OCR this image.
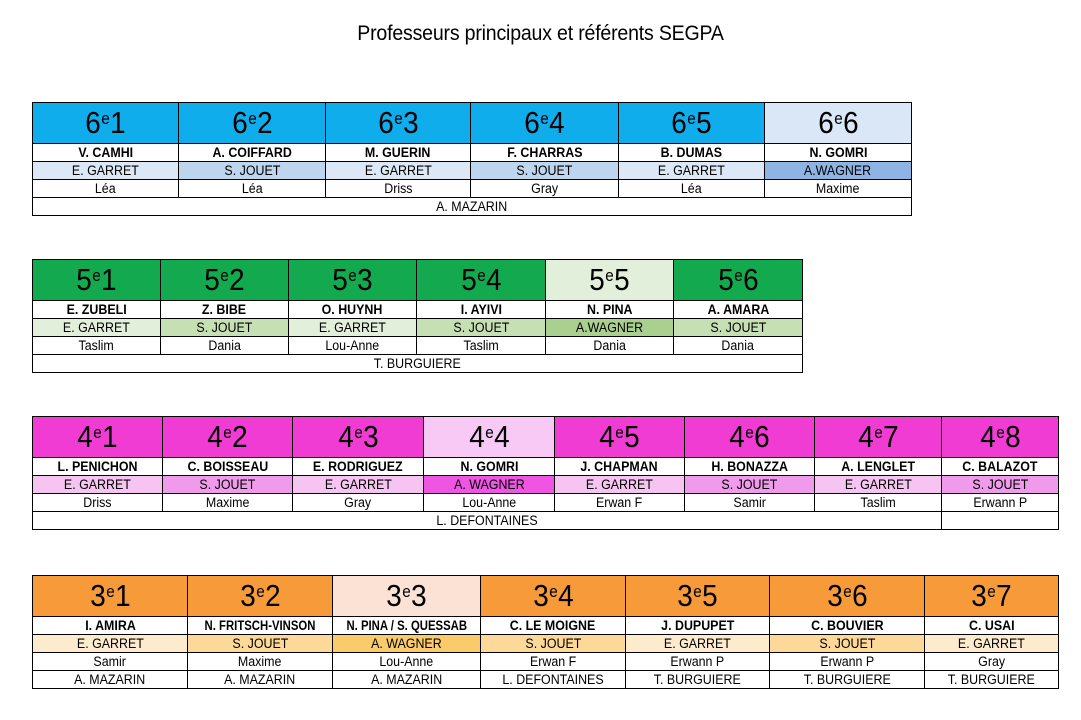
Professeurs principaux et référents SEGPA
6e1	6e2	6e3	6e4	6e5	6e6
V. CAMHI	A. COIFFARD	M. GUERIN	F. CHARRAS	B. DUMAS	N. GOMRI
E. GARRET	S. JOUET	E. GARRET	S. JOUET	E. GARRET	A.WAGNER
Léa	Léa	Driss	Gray	Léa	Maxime
A. MAZARIN					
5e1	5e2	5e3	5e4	5e5	5e6
E. ZUBELI	Z. BIBE	O. HUYNH	I. AYIVI	N. PINA	A. AMARA
E. GARRET	S. JOUET	E. GARRET	S. JOUET	A.WAGNER	S. JOUET
Taslim	Dania	Lou-Anne	Taslim	Dania	Dania
T. BURGUIERE					
4e1	4e2	4e3	4e4	4e5	4e6	4e7	4e8
L. PENICHON	C. BOISSEAU	E. RODRIGUEZ	N. GOMRI	J. CHAPMAN	H. BONAZZA	A. LENGLET	C. BALAZOT
E. GARRET	S. JOUET	E. GARRET	A. WAGNER	E. GARRET	S. JOUET	E. GARRET	S. JOUET
Driss	Maxime	Gray	Lou-Anne	Erwan F	Samir	Taslim	Erwann P
L. DEFONTAINES							
3e1	3e2	3e3	3e4	3e5	3e6	3e7
I. AMIRA	N. FRITSCH-VINSON	N. PINA / S. QUESSAB	C. LE MOIGNE	J. DUPUPET	C. BOUVIER	C. USAI
E. GARRET	S. JOUET	A. WAGNER	S. JOUET	E. GARRET	S. JOUET	E. GARRET
Samir	Maxime	Lou-Anne	Erwan F	Erwann P	Erwann P	Gray
A. MAZARIN	A. MAZARIN	A. MAZARIN	L. DEFONTAINES	T. BURGUIERE	T. BURGUIERE	T. BURGUIERE
